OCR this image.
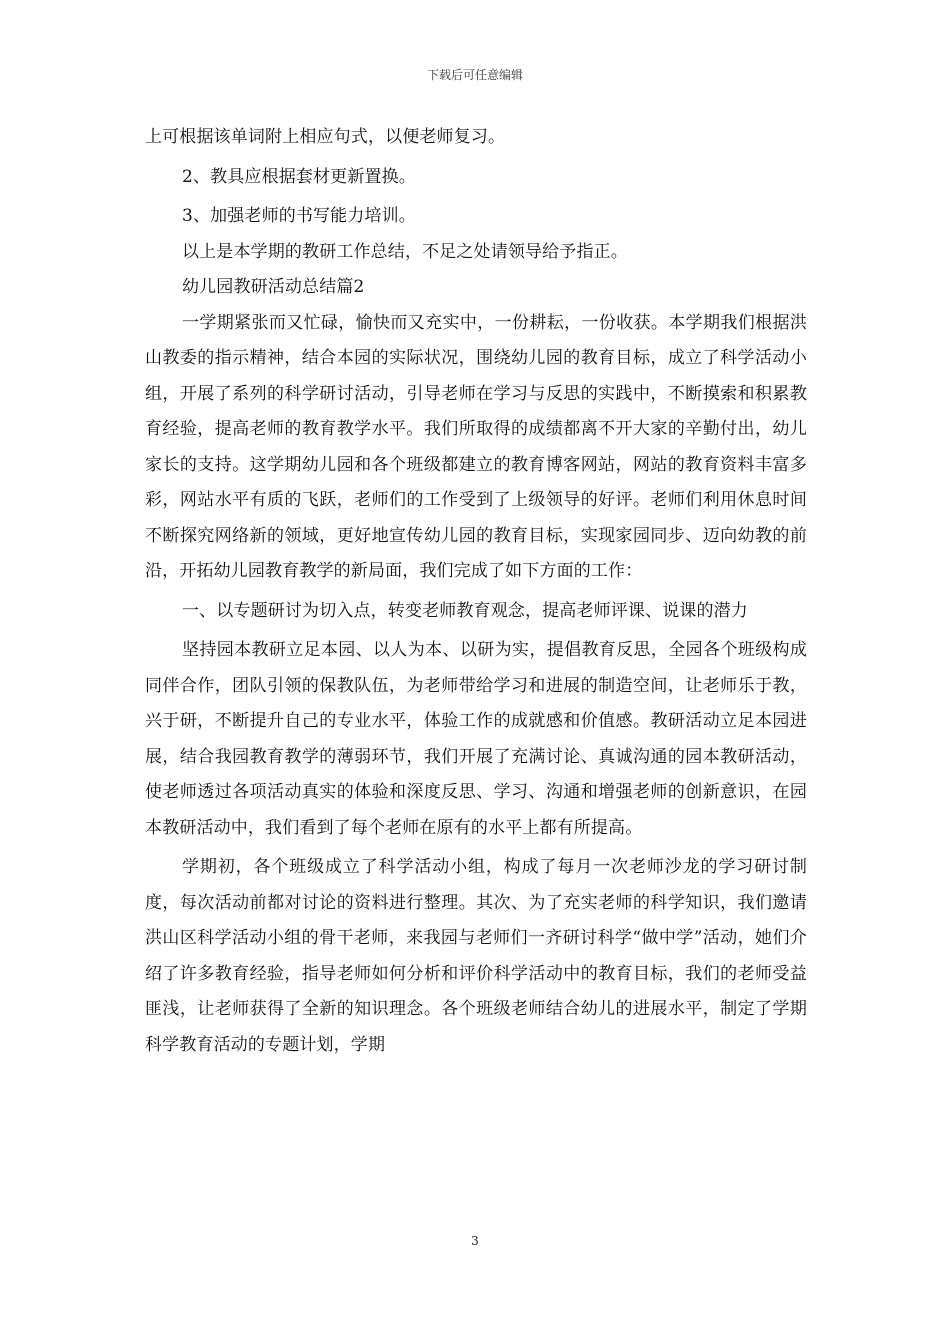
下载后可任意编辑

上可根据该单词附上相应句式，以便老师复习。

2、教具应根据套材更新置换。

3、加强老师的书写能力培训。

以上是本学期的教研工作总结，不足之处请领导给予指正。

幼儿园教研活动总结篇2

一学期紧张而又忙碌，愉快而又充实中，一份耕耘，一份收获。本学期我们根据洪山教委的指示精神，结合本园的实际状况，围绕幼儿园的教育目标，成立了科学活动小组，开展了系列的科学研讨活动，引导老师在学习与反思的实践中，不断摸索和积累教育经验，提高老师的教育教学水平。我们所取得的成绩都离不开大家的辛勤付出，幼儿家长的支持。这学期幼儿园和各个班级都建立的教育博客网站，网站的教育资料丰富多彩，网站水平有质的飞跃，老师们的工作受到了上级领导的好评。老师们利用休息时间不断探究网络新的领域，更好地宣传幼儿园的教育目标，实现家园同步、迈向幼教的前沿，开拓幼儿园教育教学的新局面，我们完成了如下方面的工作：

一、以专题研讨为切入点，转变老师教育观念，提高老师评课、说课的潜力

坚持园本教研立足本园、以人为本、以研为实，提倡教育反思，全园各个班级构成同伴合作，团队引领的保教队伍，为老师带给学习和进展的制造空间，让老师乐于教，兴于研，不断提升自己的专业水平，体验工作的成就感和价值感。教研活动立足本园进展，结合我园教育教学的薄弱环节，我们开展了充满讨论、真诚沟通的园本教研活动，使老师透过各项活动真实的体验和深度反思、学习、沟通和增强老师的创新意识，在园本教研活动中，我们看到了每个老师在原有的水平上都有所提高。

学期初，各个班级成立了科学活动小组，构成了每月一次老师沙龙的学习研讨制度，每次活动前都对讨论的资料进行整理。其次、为了充实老师的科学知识，我们邀请洪山区科学活动小组的骨干老师，来我园与老师们一齐研讨科学“做中学”活动，她们介绍了许多教育经验，指导老师如何分析和评价科学活动中的教育目标，我们的老师受益匪浅，让老师获得了全新的知识理念。各个班级老师结合幼儿的进展水平，制定了学期科学教育活动的专题计划，学期

3
